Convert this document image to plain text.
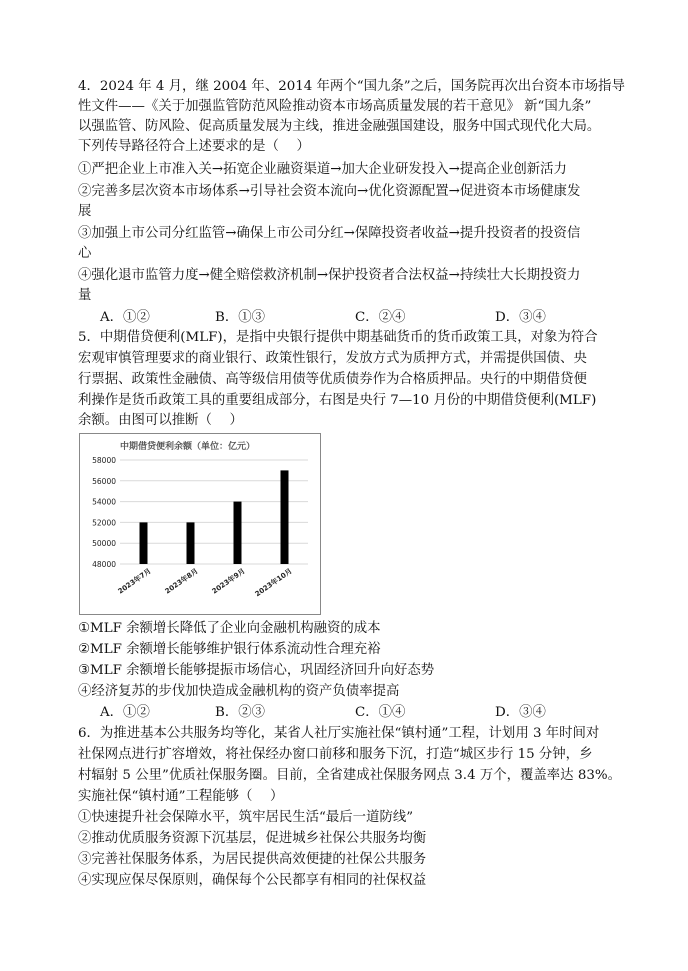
4．2024 年 4 月，继 2004 年、2014 年两个“国九条”之后，国务院再次出台资本市场指导
性文件——《关于加强监管防范风险推动资本市场高质量发展的若干意见》 新“国九条”
以强监管、防风险、促高质量发展为主线，推进金融强国建设，服务中国式现代化大局。
下列传导路径符合上述要求的是（　 ）
①严把企业上市准入关→拓宽企业融资渠道→加大企业研发投入→提高企业创新活力
②完善多层次资本市场体系→引导社会资本流向→优化资源配置→促进资本市场健康发
展
③加强上市公司分红监管→确保上市公司分红→保障投资者收益→提升投资者的投资信
心
④强化退市监管力度→健全赔偿救济机制→保护投资者合法权益→持续壮大长期投资力
量
A．①②	B．①③	C．②④	D．③④
5．中期借贷便利(MLF)，是指中央银行提供中期基础货币的货币政策工具，对象为符合
宏观审慎管理要求的商业银行、政策性银行，发放方式为质押方式，并需提供国债、央
行票据、政策性金融债、高等级信用债等优质债券作为合格质押品。央行的中期借贷便
利操作是货币政策工具的重要组成部分，右图是央行 7—10 月份的中期借贷便利(MLF)
余额。由图可以推断（　 ）
中期借贷便利余额（单位：亿元）
58000
56000
54000
52000
50000
48000
2023年7月 2023年8月 2023年9月 2023年10月
①MLF 余额增长降低了企业向金融机构融资的成本
②MLF 余额增长能够维护银行体系流动性合理充裕
③MLF 余额增长能够提振市场信心，巩固经济回升向好态势
④经济复苏的步伐加快造成金融机构的资产负债率提高
A．①②	B．②③	C．①④	D．③④
6．为推进基本公共服务均等化，某省人社厅实施社保“镇村通”工程，计划用 3 年时间对
社保网点进行扩容增效，将社保经办窗口前移和服务下沉，打造“城区步行 15 分钟，乡
村辐射 5 公里”优质社保服务圈。目前，全省建成社保服务网点 3.4 万个，覆盖率达 83%。
实施社保“镇村通”工程能够（　 ）
①快速提升社会保障水平，筑牢居民生活“最后一道防线”
②推动优质服务资源下沉基层，促进城乡社保公共服务均衡
③完善社保服务体系，为居民提供高效便捷的社保公共服务
④实现应保尽保原则，确保每个公民都享有相同的社保权益
